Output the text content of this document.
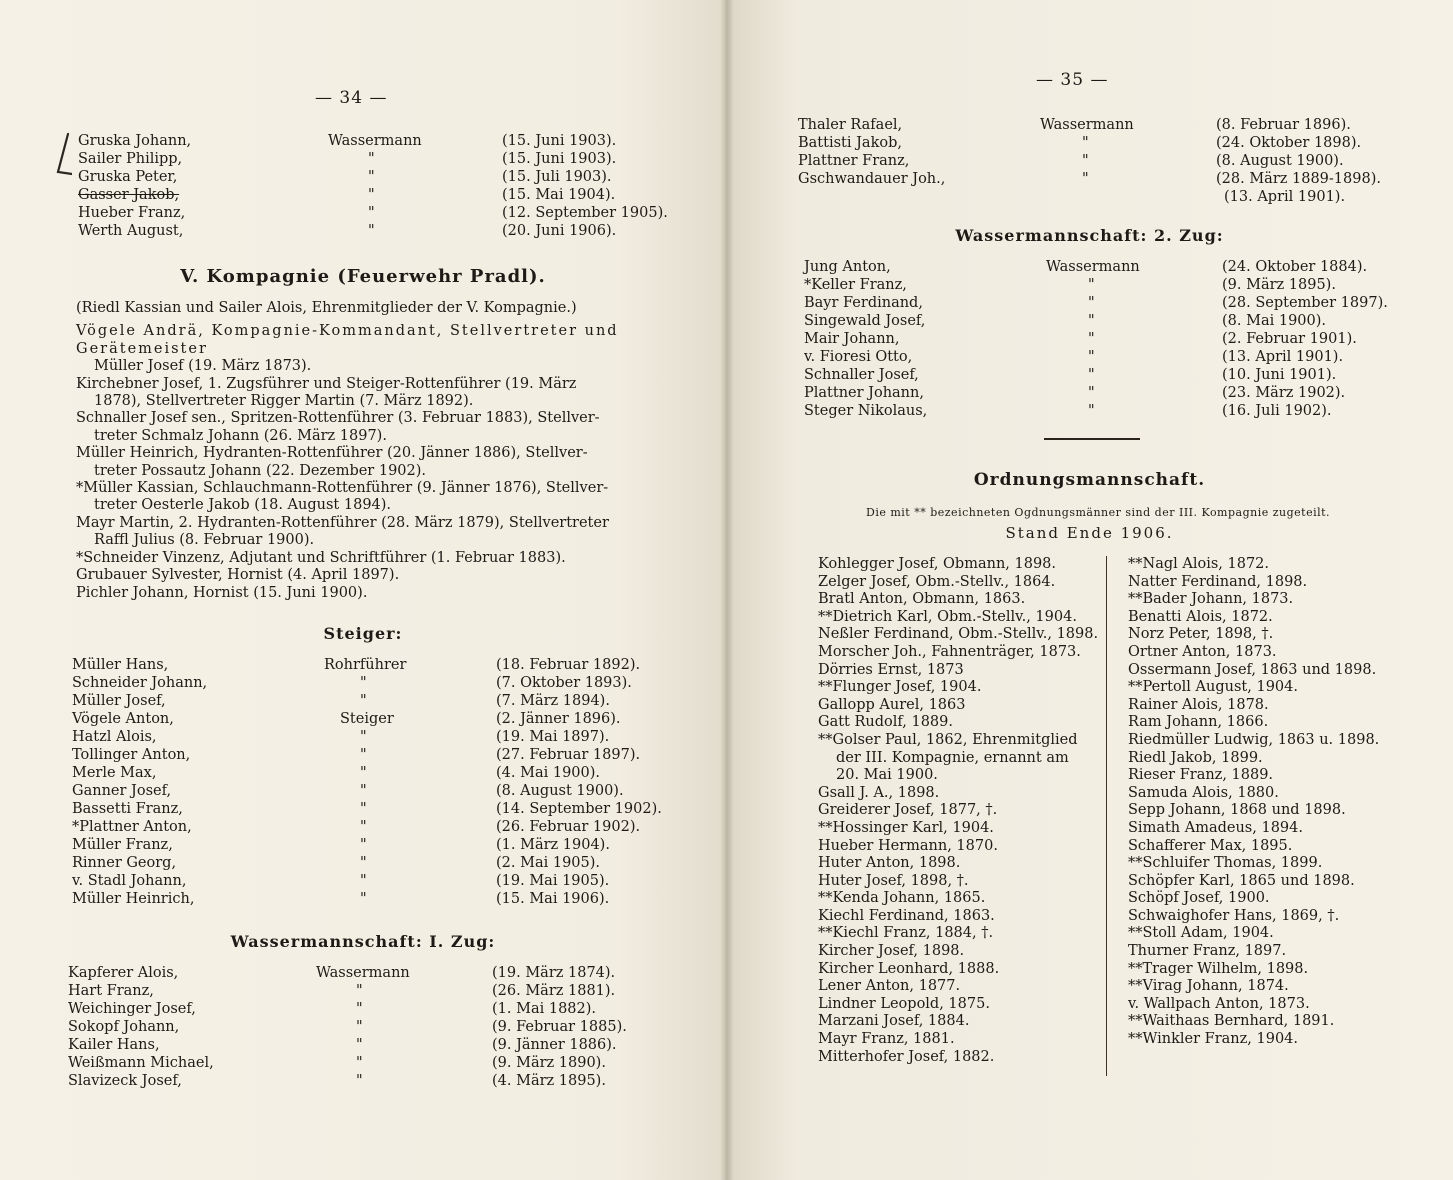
— 34 —
Gruska Johann,	Wassermann	(15. Juni 1903).
Sailer Philipp,	"	(15. Juni 1903).
Gruska Peter,	"	(15. Juli 1903).
Gasser Jakob,	"	(15. Mai 1904).
Hueber Franz,	"	(12. September 1905).
Werth August,	"	(20. Juni 1906).
V. Kompagnie (Feuerwehr Pradl).

(Riedl Kassian und Sailer Alois, Ehrenmitglieder der V. Kompagnie.)

Vögele Andrä, Kompagnie-Kommandant, Stellvertreter und Gerätemeister
Müller Josef (19. März 1873).

Kirchebner Josef, 1. Zugsführer und Steiger-Rottenführer (19. März
1878), Stellvertreter Rigger Martin (7. März 1892).

Schnaller Josef sen., Spritzen-Rottenführer (3. Februar 1883), Stellver-
treter Schmalz Johann (26. März 1897).

Müller Heinrich, Hydranten-Rottenführer (20. Jänner 1886), Stellver-
treter Possautz Johann (22. Dezember 1902).

*Müller Kassian, Schlauchmann-Rottenführer (9. Jänner 1876), Stellver-
treter Oesterle Jakob (18. August 1894).

Mayr Martin, 2. Hydranten-Rottenführer (28. März 1879), Stellvertreter
Raffl Julius (8. Februar 1900).

*Schneider Vinzenz, Adjutant und Schriftführer (1. Februar 1883).

Grubauer Sylvester, Hornist (4. April 1897).

Pichler Johann, Hornist (15. Juni 1900).

Steiger:
Müller Hans,	Rohrführer	(18. Februar 1892).
Schneider Johann,	"	(7. Oktober 1893).
Müller Josef,	"	(7. März 1894).
Vögele Anton,	Steiger	(2. Jänner 1896).
Hatzl Alois,	"	(19. Mai 1897).
Tollinger Anton,	"	(27. Februar 1897).
Merle Max,	"	(4. Mai 1900).
Ganner Josef,	"	(8. August 1900).
Bassetti Franz,	"	(14. September 1902).
*Plattner Anton,	"	(26. Februar 1902).
Müller Franz,	"	(1. März 1904).
Rinner Georg,	"	(2. Mai 1905).
v. Stadl Johann,	"	(19. Mai 1905).
Müller Heinrich,	"	(15. Mai 1906).
Wassermannschaft: I. Zug:
Kapferer Alois,	Wassermann	(19. März 1874).
Hart Franz,	"	(26. März 1881).
Weichinger Josef,	"	(1. Mai 1882).
Sokopf Johann,	"	(9. Februar 1885).
Kailer Hans,	"	(9. Jänner 1886).
Weißmann Michael,	"	(9. März 1890).
Slavizeck Josef,	"	(4. März 1895).
— 35 —
Thaler Rafael,	Wassermann	(8. Februar 1896).
Battisti Jakob,	"	(24. Oktober 1898).
Plattner Franz,	"	(8. August 1900).
Gschwandauer Joh.,	"	(28. März 1889-1898).
(13. April 1901).
Wassermannschaft: 2. Zug:
Jung Anton,	Wassermann	(24. Oktober 1884).
*Keller Franz,	"	(9. März 1895).
Bayr Ferdinand,	"	(28. September 1897).
Singewald Josef,	"	(8. Mai 1900).
Mair Johann,	"	(2. Februar 1901).
v. Fioresi Otto,	"	(13. April 1901).
Schnaller Josef,	"	(10. Juni 1901).
Plattner Johann,	"	(23. März 1902).
Steger Nikolaus,	"	(16. Juli 1902).
Ordnungsmannschaft.
Die mit ** bezeichneten Ogdnungsmänner sind der III. Kompagnie zugeteilt.
Stand Ende 1906.
Kohlegger Josef, Obmann, 1898.
Zelger Josef, Obm.-Stellv., 1864.
Bratl Anton, Obmann, 1863.
**Dietrich Karl, Obm.-Stellv., 1904.
Neßler Ferdinand, Obm.-Stellv., 1898.
Morscher Joh., Fahnenträger, 1873.
Dörries Ernst, 1873
**Flunger Josef, 1904.
Gallopp Aurel, 1863
Gatt Rudolf, 1889.
**Golser Paul, 1862, Ehrenmitglied
der III. Kompagnie, ernannt am
20. Mai 1900.
Gsall J. A., 1898.
Greiderer Josef, 1877, †.
**Hossinger Karl, 1904.
Hueber Hermann, 1870.
Huter Anton, 1898.
Huter Josef, 1898, †.
**Kenda Johann, 1865.
Kiechl Ferdinand, 1863.
**Kiechl Franz, 1884, †.
Kircher Josef, 1898.
Kircher Leonhard, 1888.
Lener Anton, 1877.
Lindner Leopold, 1875.
Marzani Josef, 1884.
Mayr Franz, 1881.
Mitterhofer Josef, 1882.
**Nagl Alois, 1872.
Natter Ferdinand, 1898.
**Bader Johann, 1873.
Benatti Alois, 1872.
Norz Peter, 1898, †.
Ortner Anton, 1873.
Ossermann Josef, 1863 und 1898.
**Pertoll August, 1904.
Rainer Alois, 1878.
Ram Johann, 1866.
Riedmüller Ludwig, 1863 u. 1898.
Riedl Jakob, 1899.
Rieser Franz, 1889.
Samuda Alois, 1880.
Sepp Johann, 1868 und 1898.
Simath Amadeus, 1894.
Schafferer Max, 1895.
**Schluifer Thomas, 1899.
Schöpfer Karl, 1865 und 1898.
Schöpf Josef, 1900.
Schwaighofer Hans, 1869, †.
**Stoll Adam, 1904.
Thurner Franz, 1897.
**Trager Wilhelm, 1898.
**Virag Johann, 1874.
v. Wallpach Anton, 1873.
**Waithaas Bernhard, 1891.
**Winkler Franz, 1904.
